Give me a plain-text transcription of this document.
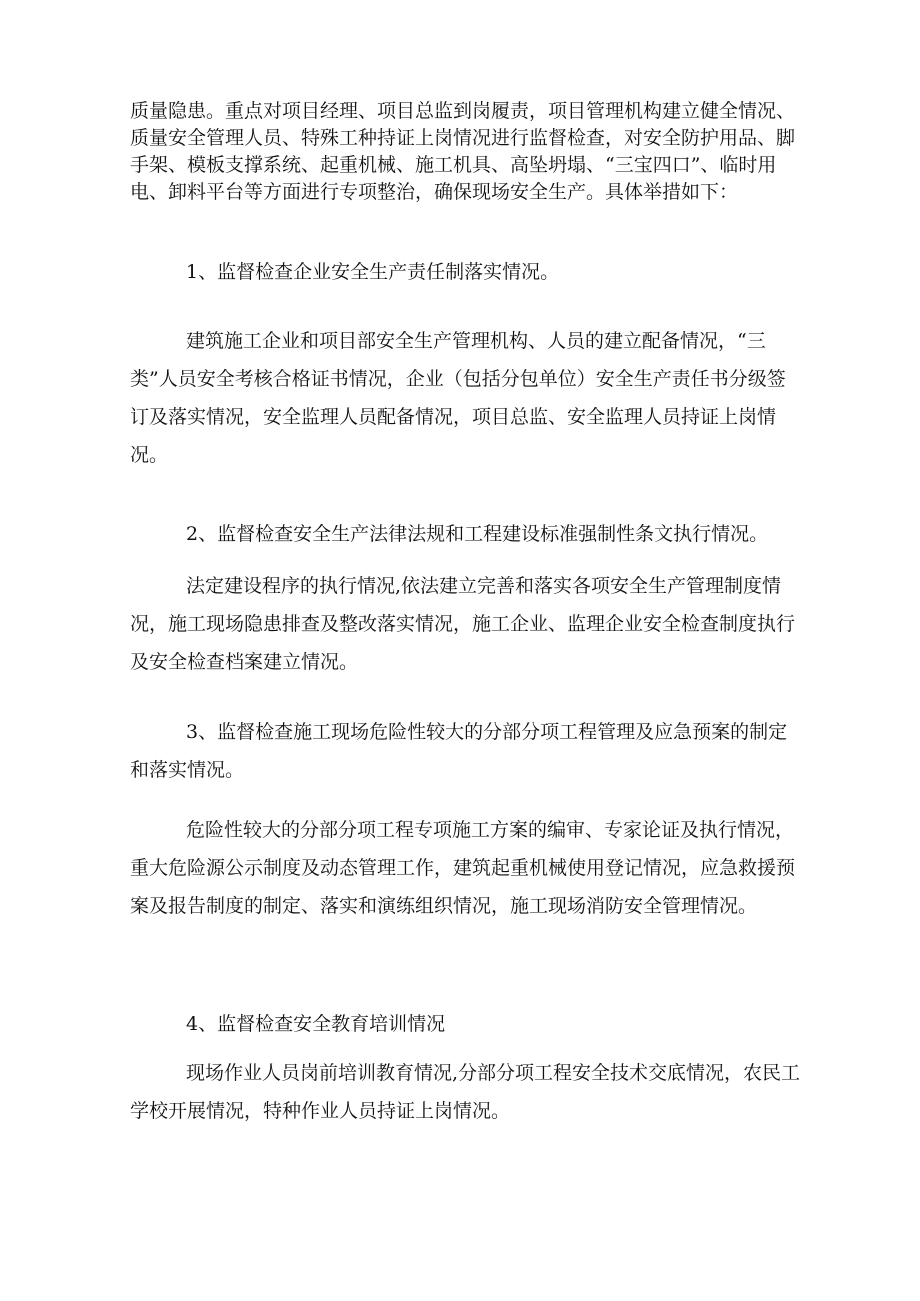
质量隐患。重点对项目经理、项目总监到岗履责，项目管理机构建立健全情况、质量安全管理人员、特殊工种持证上岗情况进行监督检查，对安全防护用品、脚手架、模板支撑系统、起重机械、施工机具、高坠坍塌、“三宝四口”、临时用电、卸料平台等方面进行专项整治，确保现场安全生产。具体举措如下：

1、监督检查企业安全生产责任制落实情况。

建筑施工企业和项目部安全生产管理机构、人员的建立配备情况，“三类”人员安全考核合格证书情况，企业（包括分包单位）安全生产责任书分级签订及落实情况，安全监理人员配备情况，项目总监、安全监理人员持证上岗情况。

2、监督检查安全生产法律法规和工程建设标准强制性条文执行情况。

法定建设程序的执行情况,依法建立完善和落实各项安全生产管理制度情况，施工现场隐患排查及整改落实情况，施工企业、监理企业安全检查制度执行及安全检查档案建立情况。

3、监督检查施工现场危险性较大的分部分项工程管理及应急预案的制定和落实情况。

危险性较大的分部分项工程专项施工方案的编审、专家论证及执行情况，重大危险源公示制度及动态管理工作，建筑起重机械使用登记情况，应急救援预案及报告制度的制定、落实和演练组织情况，施工现场消防安全管理情况。

4、监督检查安全教育培训情况

现场作业人员岗前培训教育情况,分部分项工程安全技术交底情况，农民工学校开展情况，特种作业人员持证上岗情况。
